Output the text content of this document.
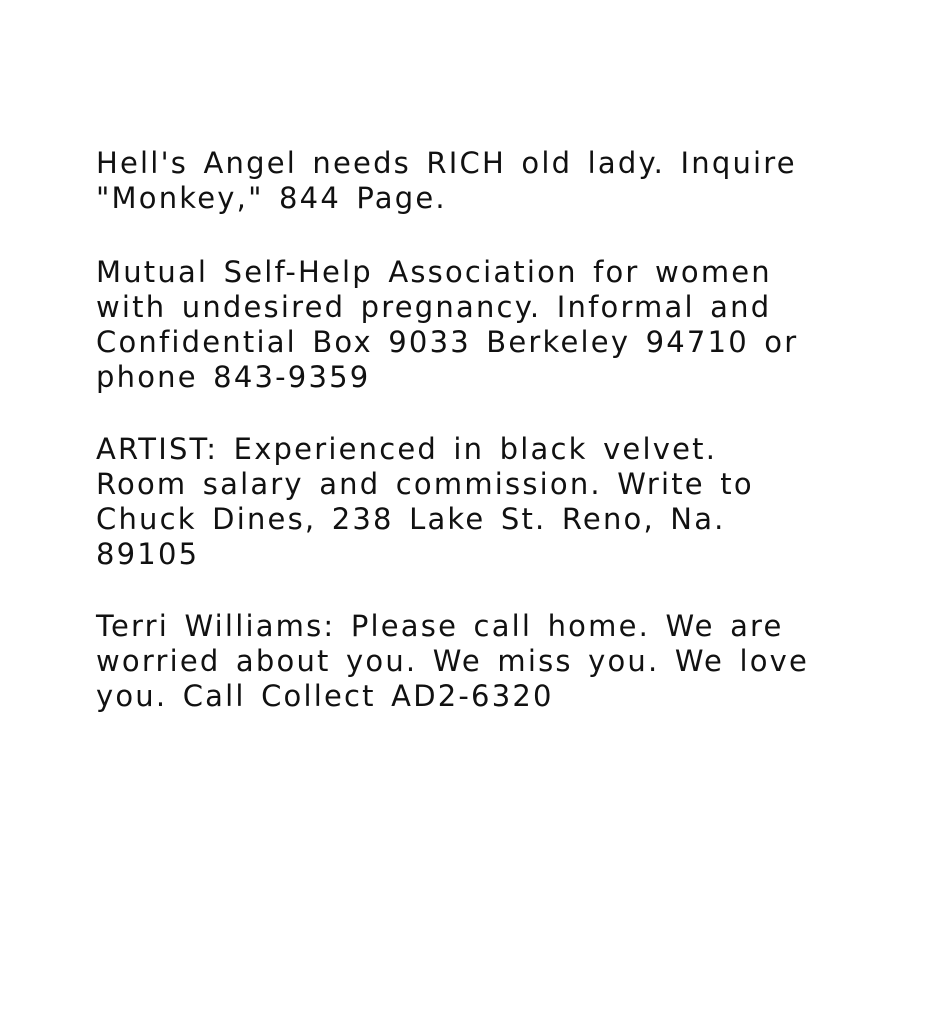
Hell's Angel needs RICH old lady. Inquire
"Monkey," 844 Page.
Mutual Self-Help Association for women
with undesired pregnancy. Informal and
Confidential Box 9033 Berkeley 94710 or
phone 843-9359
ARTIST: Experienced in black velvet.
Room salary and commission. Write to
Chuck Dines, 238 Lake St. Reno, Na.
89105
Terri Williams: Please call home. We are
worried about you. We miss you. We love
you. Call Collect AD2-6320
